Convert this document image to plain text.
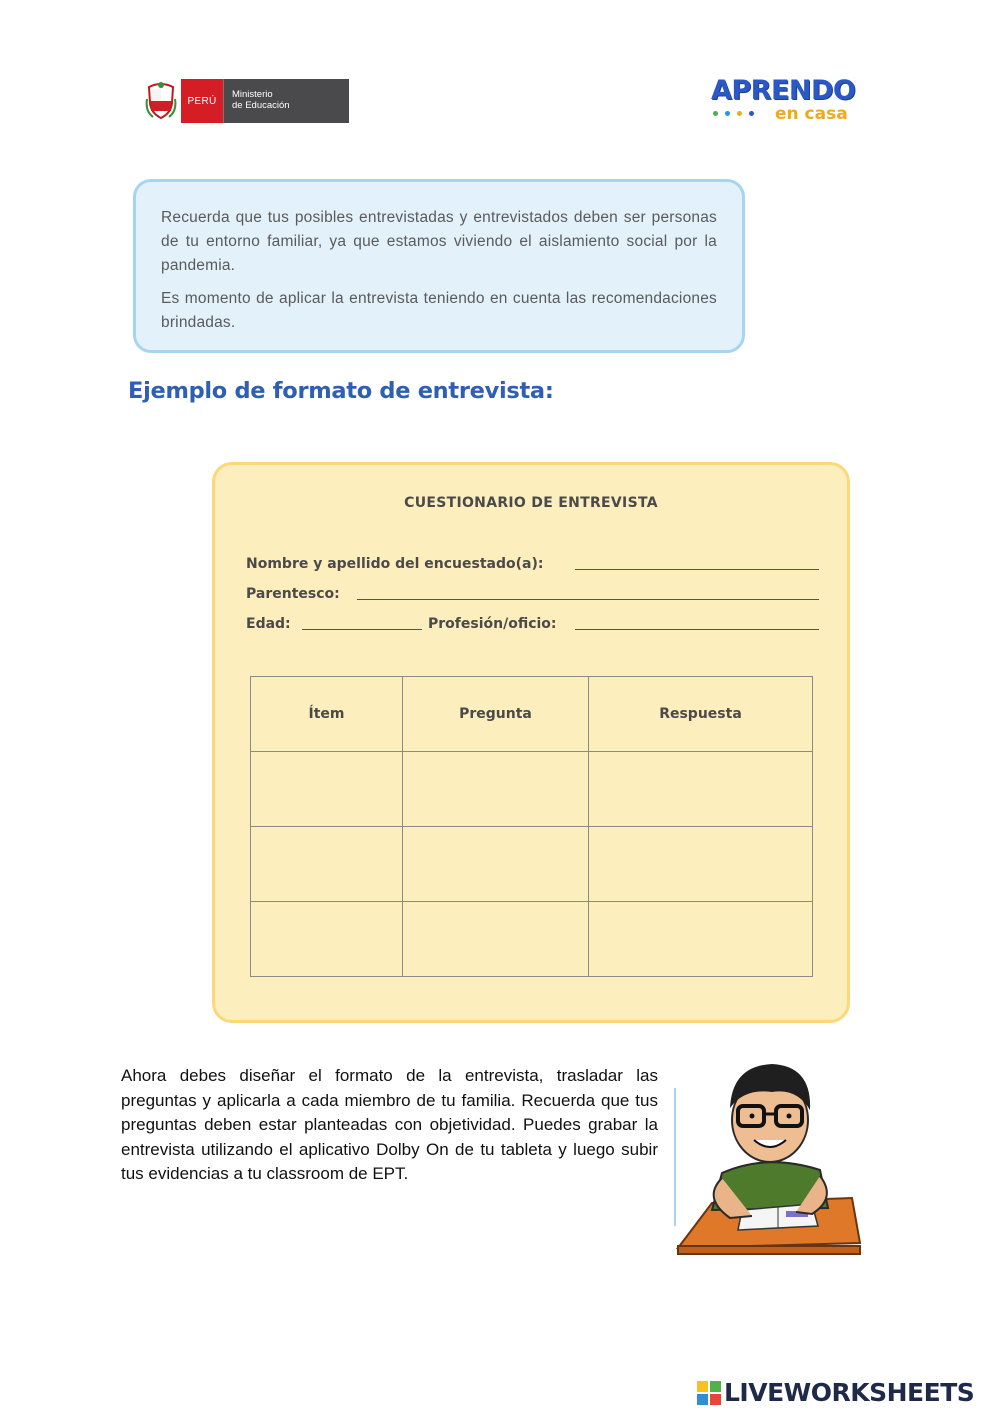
PERÚ
Ministerio
de Educación	APRENDO
en casa

Recuerda que tus posibles entrevistadas y entrevistados deben ser personas de tu entorno familiar, ya que estamos viviendo el aislamiento social por la pandemia.

Es momento de aplicar la entrevista teniendo en cuenta las recomendaciones brindadas.

Ejemplo de formato de entrevista:
CUESTIONARIO DE ENTREVISTA
Nombre y apellido del encuestado(a):
Parentesco:
Edad:	Profesión/oficio:
Ítem	Pregunta	Respuesta

Ahora debes diseñar el formato de la entrevista, trasladar las preguntas y aplicarla a cada miembro de tu familia. Recuerda que tus preguntas deben estar planteadas con objetividad. Puedes grabar la entrevista utilizando el aplicativo Dolby On de tu tableta y luego subir tus evidencias a tu classroom de EPT.
LIVEWORKSHEETS
